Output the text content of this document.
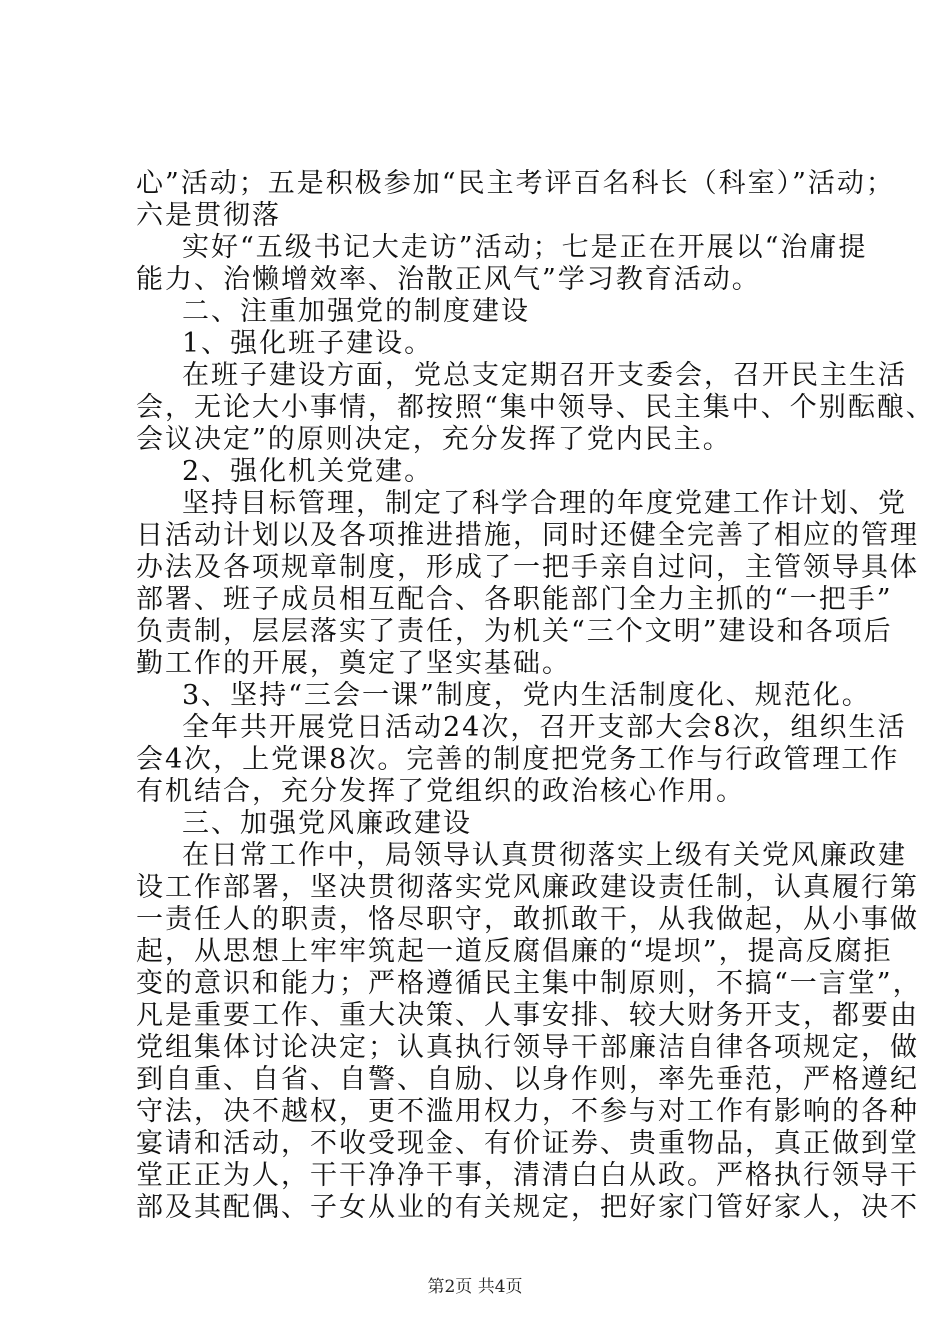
心”活动；五是积极参加“民主考评百名科长（科室）”活动；
六是贯彻落
实好“五级书记大走访”活动；七是正在开展以“治庸提
能力、治懒增效率、治散正风气”学习教育活动。
二、注重加强党的制度建设
1、强化班子建设。
在班子建设方面，党总支定期召开支委会，召开民主生活
会，无论大小事情，都按照“集中领导、民主集中、个别酝酿、
会议决定”的原则决定，充分发挥了党内民主。
2、强化机关党建。
坚持目标管理，制定了科学合理的年度党建工作计划、党
日活动计划以及各项推进措施，同时还健全完善了相应的管理
办法及各项规章制度，形成了一把手亲自过问，主管领导具体
部署、班子成员相互配合、各职能部门全力主抓的“一把手”
负责制，层层落实了责任，为机关“三个文明”建设和各项后
勤工作的开展，奠定了坚实基础。
3、坚持“三会一课”制度，党内生活制度化、规范化。
全年共开展党日活动24次，召开支部大会8次，组织生活
会4次，上党课8次。完善的制度把党务工作与行政管理工作
有机结合，充分发挥了党组织的政治核心作用。
三、加强党风廉政建设
在日常工作中，局领导认真贯彻落实上级有关党风廉政建
设工作部署，坚决贯彻落实党风廉政建设责任制，认真履行第
一责任人的职责，恪尽职守，敢抓敢干，从我做起，从小事做
起，从思想上牢牢筑起一道反腐倡廉的“堤坝”，提高反腐拒
变的意识和能力；严格遵循民主集中制原则，不搞“一言堂”，
凡是重要工作、重大决策、人事安排、较大财务开支，都要由
党组集体讨论决定；认真执行领导干部廉洁自律各项规定，做
到自重、自省、自警、自励、以身作则，率先垂范，严格遵纪
守法，决不越权，更不滥用权力，不参与对工作有影响的各种
宴请和活动，不收受现金、有价证券、贵重物品，真正做到堂
堂正正为人，干干净净干事，清清白白从政。严格执行领导干
部及其配偶、子女从业的有关规定，把好家门管好家人，决不
第2页 共4页
